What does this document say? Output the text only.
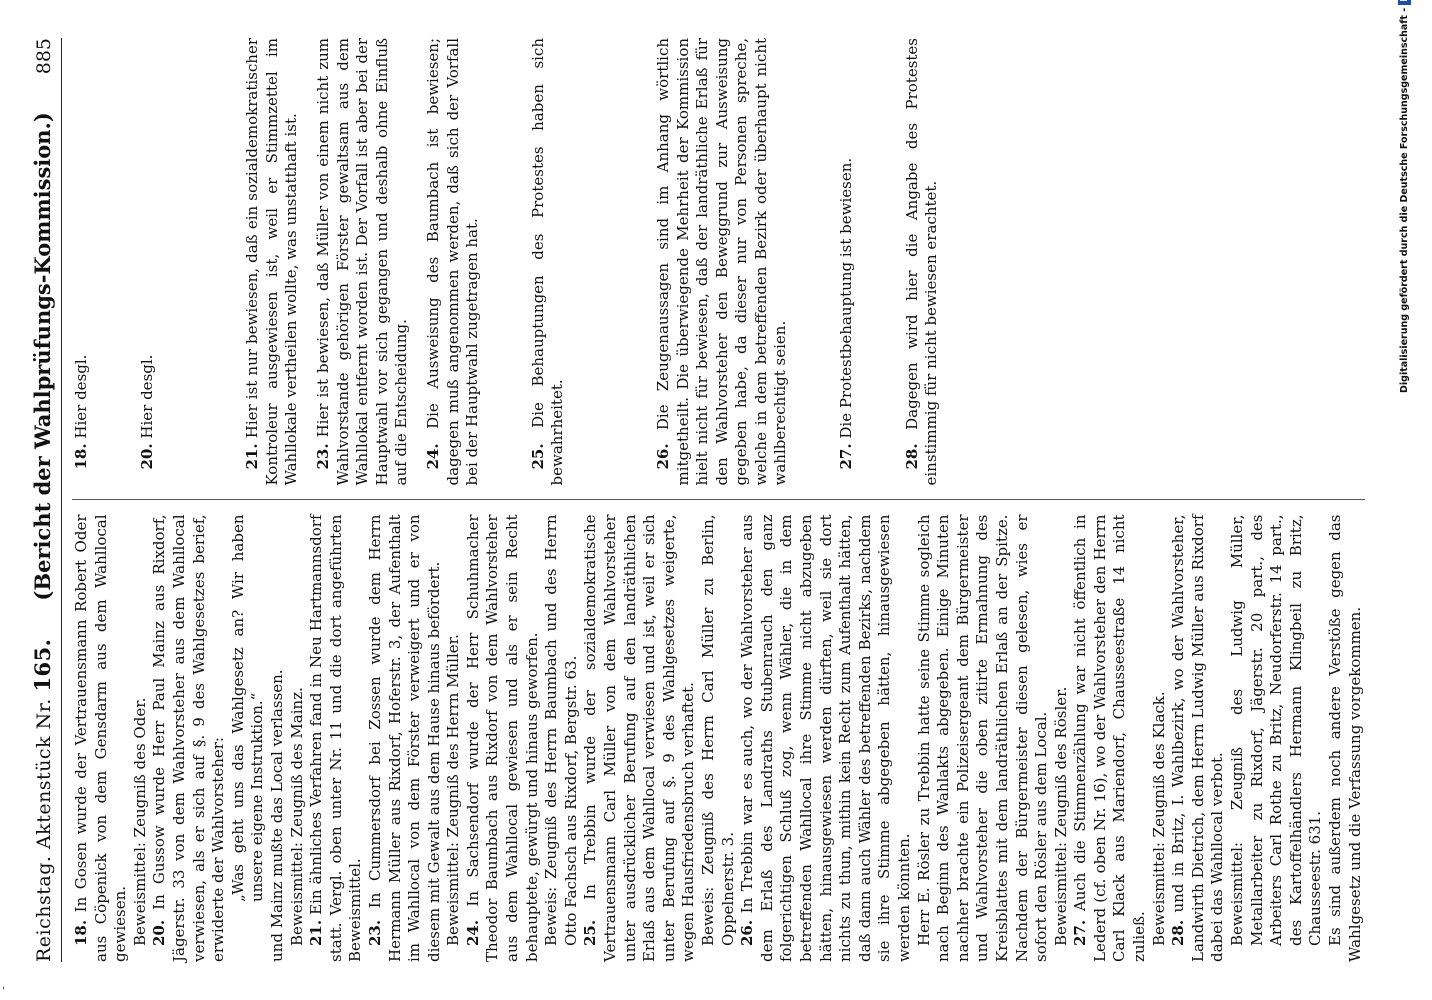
Reichstag. Aktenstück Nr. 165.
(Bericht der Wahlprüfungs-Kommission.)
885

18. In Gosen wurde der Vertrauensmann Robert Oder aus Cöpenick von dem Gensdarm aus dem Wahllocal gewiesen. Beweismittel: Zeugniß des Oder. 20. In Gussow wurde Herr Paul Mainz aus Rixdorf, Jägerstr. 33 von dem Wahlvorsteher aus dem Wahllocal verwiesen, als er sich auf §. 9 des Wahlgesetzes berief, erwiderte der Wahlvorsteher: „Was geht uns das Wahlgesetz an? Wir haben unsere eigene Instruktion.“ und Mainz mußte das Local verlassen. Beweismittel: Zeugniß des Mainz. 21. Ein ähnliches Verfahren fand in Neu Hartmannsdorf statt. Vergl. oben unter Nr. 11 und die dort angeführten Beweismittel. 23. In Cummersdorf bei Zossen wurde dem Herrn Hermann Müller aus Rixdorf, Hoferstr. 3, der Aufenthalt im Wahllocal von dem Förster verweigert und er von diesem mit Gewalt aus dem Hause hinaus befördert. Beweismittel: Zeugniß des Herrn Müller. 24. In Sachsendorf wurde der Herr Schuhmacher Theodor Baumbach aus Rixdorf von dem Wahlvorsteher aus dem Wahllocal gewiesen und als er sein Recht behauptete, gewürgt und hinaus geworfen. Beweis: Zeugniß des Herrn Baumbach und des Herrn Otto Fachsch aus Rixdorf, Bergstr. 63. 25. In Trebbin wurde der sozialdemokratische Vertrauensmann Carl Müller von dem Wahlvorsteher unter ausdrücklicher Berufung auf den landräthlichen Erlaß aus dem Wahllocal verwiesen und ist, weil er sich unter Berufung auf §. 9 des Wahlgesetzes weigerte, wegen Hausfriedensbruch verhaftet. Beweis: Zeugniß des Herrn Carl Müller zu Berlin, Oppelnerstr. 3. 26. In Trebbin war es auch, wo der Wahlvorsteher aus dem Erlaß des Landraths Stubenrauch den ganz folgerichtigen Schluß zog, wenn Wähler, die in dem betreffenden Wahllocal ihre Stimme nicht abzugeben hätten, hinausgewiesen werden dürften, weil sie dort nichts zu thun, mithin kein Recht zum Aufenthalt hätten, daß dann auch Wähler des betreffenden Bezirks, nachdem sie ihre Stimme abgegeben hätten, hinausgewiesen werden könnten. Herr E. Rösler zu Trebbin hatte seine Stimme sogleich nach Beginn des Wahlakts abgegeben. Einige Minuten nachher brachte ein Polizeisergeant dem Bürgermeister und Wahlvorsteher die oben zitirte Ermahnung des Kreisblattes mit dem landräthlichen Erlaß an der Spitze. Nachdem der Bürgermeister diesen gelesen, wies er sofort den Rösler aus dem Local. Beweismittel: Zeugniß des Rösler. 27. Auch die Stimmenzählung war nicht öffentlich in Lederd (cf. oben Nr. 16), wo der Wahlvorsteher den Herrn Carl Klack aus Mariendorf, Chausseestraße 14 nicht zuließ. Beweismittel: Zeugniß des Klack. 28. und in Britz, I. Wahlbezirk, wo der Wahlvorsteher, Landwirth Dietrich, dem Herrn Ludwig Müller aus Rixdorf dabei das Wahllocal verbot. Beweismittel: Zeugniß des Ludwig Müller, Metallarbeiter zu Rixdorf, Jägerstr. 20 part., des Arbeiters Carl Rothe zu Britz, Neudorferstr. 14 part., des Kartoffelhändlers Hermann Klingbeil zu Britz, Chausseestr. 631. Es sind außerdem noch andere Verstöße gegen das Wahlgesetz und die Verfassung vorgekommen.

18. Hier desgl.

20. Hier desgl.

21. Hier ist nur bewiesen, daß ein sozialdemokratischer Kontroleur ausgewiesen ist, weil er Stimmzettel im Wahllokale vertheilen wollte, was unstatthaft ist. 23. Hier ist bewiesen, daß Müller von einem nicht zum Wahlvorstande gehörigen Förster gewaltsam aus dem Wahllokal entfernt worden ist. Der Vorfall ist aber bei der Hauptwahl vor sich gegangen und deshalb ohne Einfluß auf die Entscheidung. 24. Die Ausweisung des Baumbach ist bewiesen; dagegen muß angenommen werden, daß sich der Vorfall bei der Hauptwahl zugetragen hat.	25. Die Behauptungen des Protestes haben sich bewahrheitet.	26. Die Zeugenaussagen sind im Anhang wörtlich mitgetheilt. Die überwiegende Mehrheit der Kommission hielt nicht für bewiesen, daß der landräthliche Erlaß für den Wahlvorsteher den Beweggrund zur Ausweisung gegeben habe, da dieser nur von Personen spreche, welche in dem betreffenden Bezirk oder überhaupt nicht wahlberechtigt seien.	27. Die Protestbehauptung ist bewiesen.

28. Dagegen wird hier die Angabe des Protestes einstimmig für nicht bewiesen erachtet.	Digitalisierung gefördert durch die Deutsche Forschungsgemeinschaft -
'
